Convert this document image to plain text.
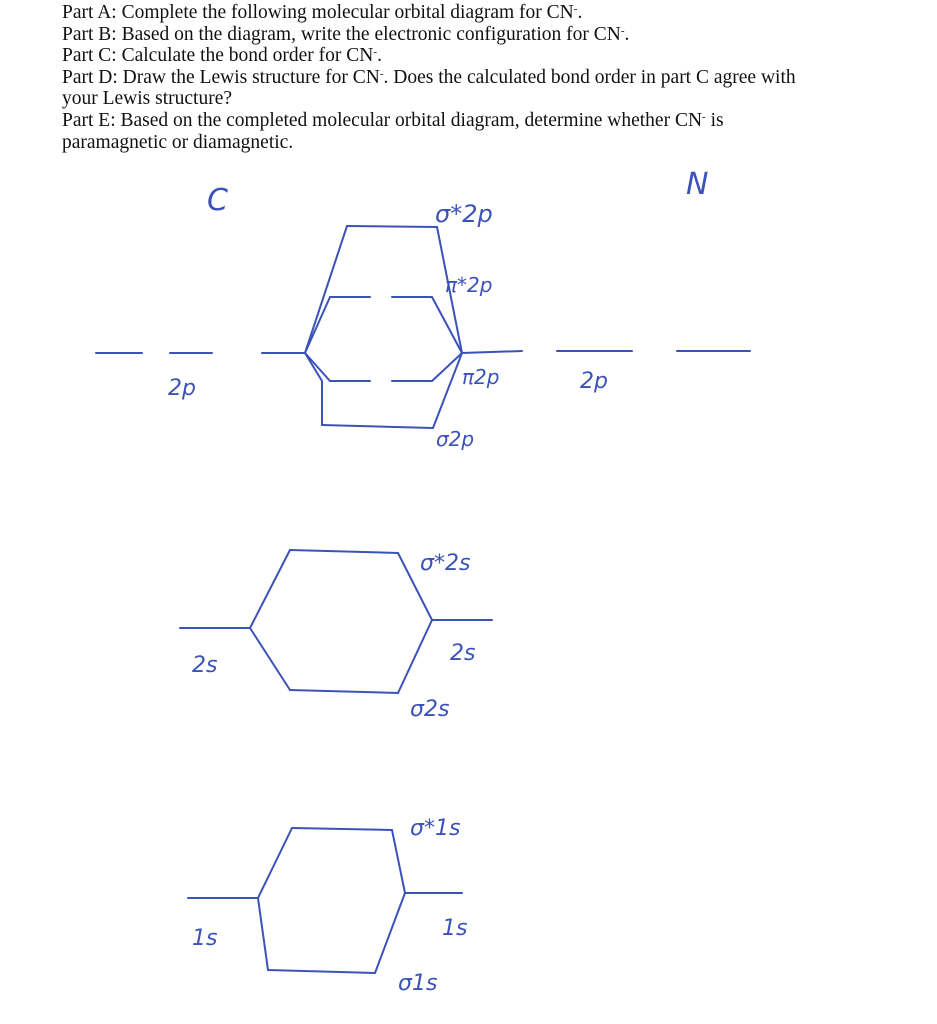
Part A: Complete the following molecular orbital diagram for CN-.

Part B: Based on the diagram, write the electronic configuration for CN-.

Part C: Calculate the bond order for CN-.

Part D: Draw the Lewis structure for CN-. Does the calculated bond order in part C agree with

your Lewis structure?

Part E: Based on the completed molecular orbital diagram, determine whether CN- is

paramagnetic or diamagnetic.

C	N
σ*2p
π*2p
π2p
σ2p
2p	2p
σ*2s
2s
2s
σ2s
σ*1s
1s
1s
σ1s
